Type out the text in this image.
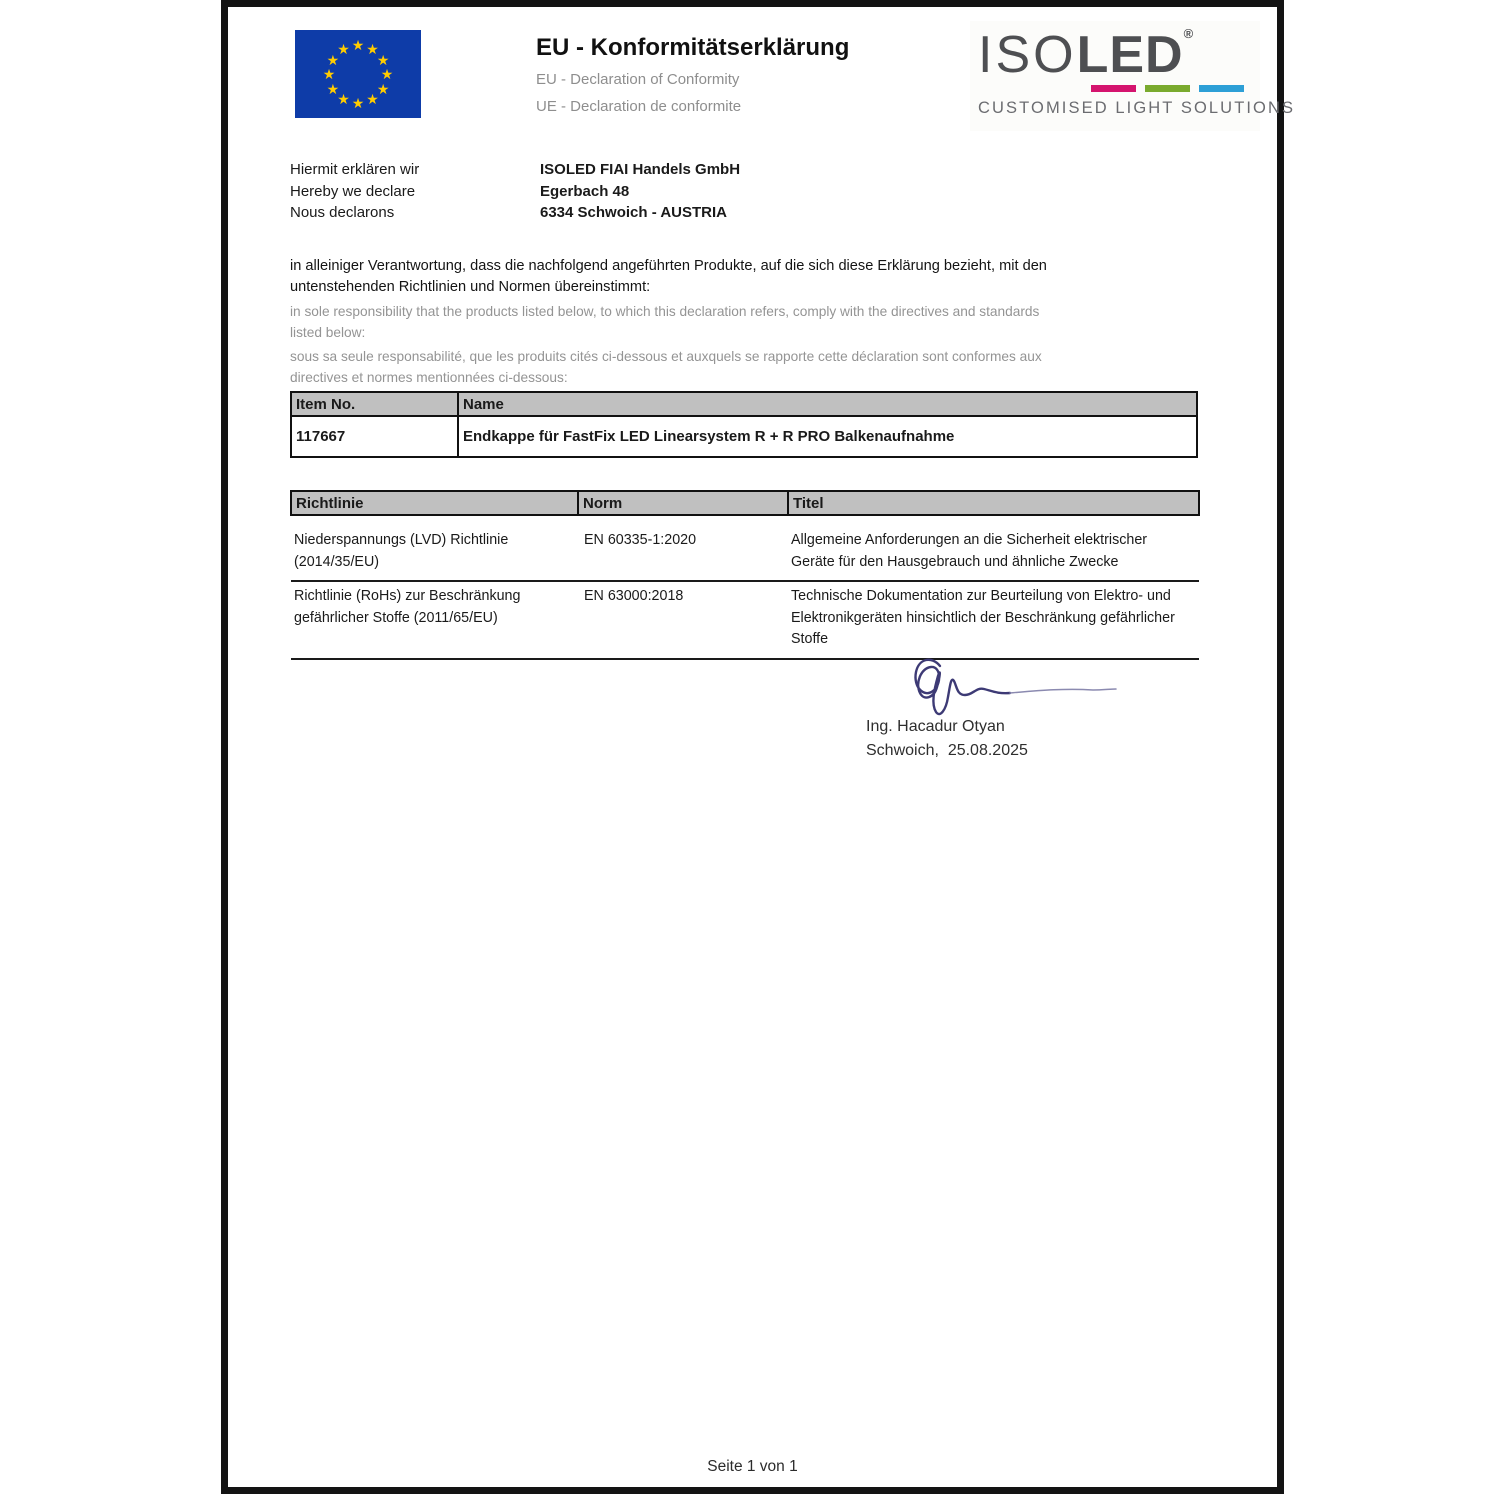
★ ★
★
★
★
★
★
★
★
★
★
★	EU - Konformitätserklärung
EU - Declaration of Conformity
UE - Declaration de conformite
ISOLED®
CUSTOMISED LIGHT SOLUTIONS
Hiermit erklären wir
Hereby we declare
Nous declarons
ISOLED FIAI Handels GmbH
Egerbach 48
6334 Schwoich - AUSTRIA

in alleiniger Verantwortung, dass die nachfolgend angeführten Produkte, auf die sich diese Erklärung bezieht, mit den untenstehenden Richtlinien und Normen übereinstimmt:

in sole responsibility that the products listed below, to which this declaration refers, comply with the directives and standards listed below:

sous sa seule responsabilité, que les produits cités ci-dessous et auxquels se rapporte cette déclaration sont conformes aux directives et normes mentionnées ci-dessous:

Item No.	Name
117667	Endkappe für FastFix LED Linearsystem R + R PRO Balkenaufnahme
Richtlinie	Norm	Titel
Niederspannungs (LVD) Richtlinie (2014/35/EU)	EN 60335-1:2020	Allgemeine Anforderungen an die Sicherheit elektrischer Geräte für den Hausgebrauch und ähnliche Zwecke
Richtlinie (RoHs) zur Beschränkung gefährlicher Stoffe (2011/65/EU)	EN 63000:2018	Technische Dokumentation zur Beurteilung von Elektro- und Elektronikgeräten hinsichtlich der Beschränkung gefährlicher Stoffe
Ing. Hacadur Otyan
Schwoich,  25.08.2025
Seite 1 von 1
